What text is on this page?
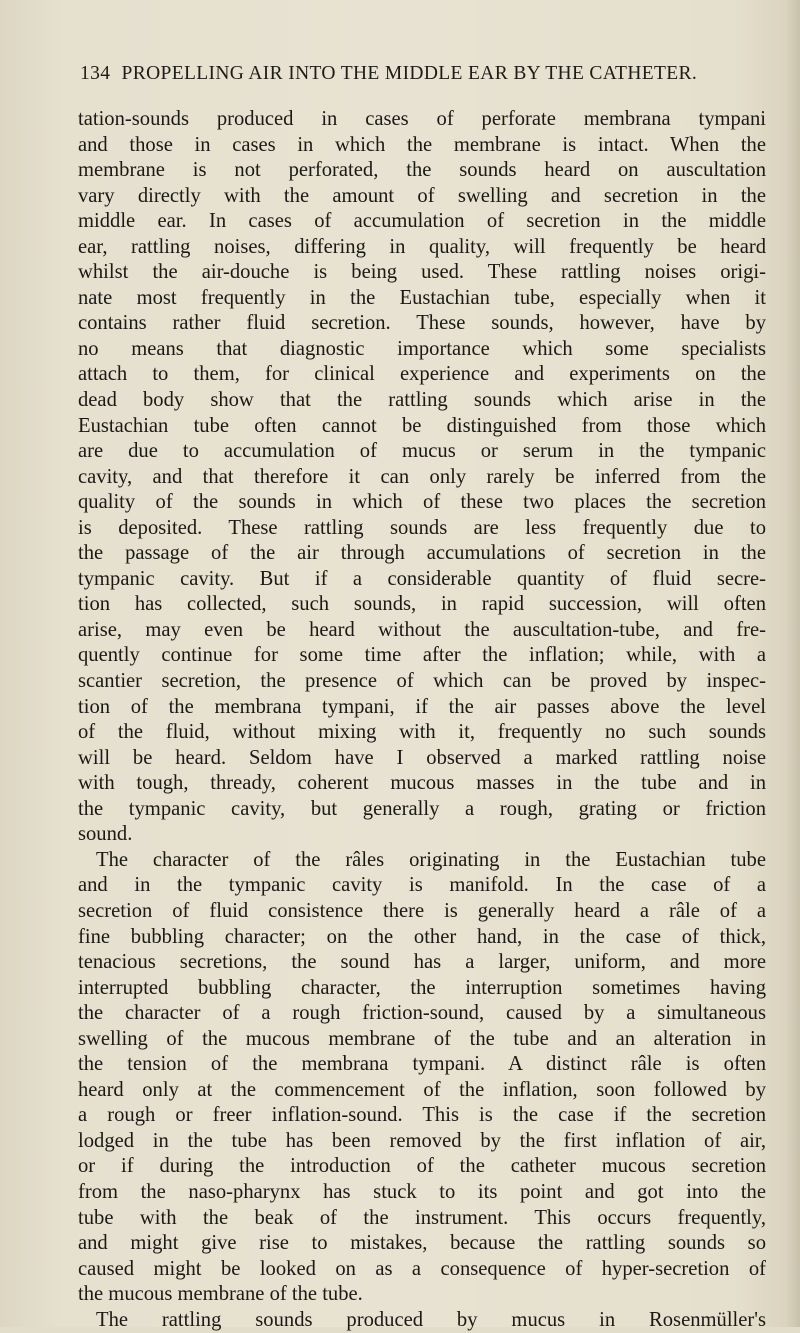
134 PROPELLING AIR INTO THE MIDDLE EAR BY THE CATHETER.
tation-sounds produced in cases of perforate membrana tympani
and those in cases in which the membrane is intact. When the
membrane is not perforated, the sounds heard on auscultation
vary directly with the amount of swelling and secretion in the
middle ear. In cases of accumulation of secretion in the middle
ear, rattling noises, differing in quality, will frequently be heard
whilst the air-douche is being used. These rattling noises origi-
nate most frequently in the Eustachian tube, especially when it
contains rather fluid secretion. These sounds, however, have by
no means that diagnostic importance which some specialists
attach to them, for clinical experience and experiments on the
dead body show that the rattling sounds which arise in the
Eustachian tube often cannot be distinguished from those which
are due to accumulation of mucus or serum in the tympanic
cavity, and that therefore it can only rarely be inferred from the
quality of the sounds in which of these two places the secretion
is deposited. These rattling sounds are less frequently due to
the passage of the air through accumulations of secretion in the
tympanic cavity. But if a considerable quantity of fluid secre-
tion has collected, such sounds, in rapid succession, will often
arise, may even be heard without the auscultation-tube, and fre-
quently continue for some time after the inflation; while, with a
scantier secretion, the presence of which can be proved by inspec-
tion of the membrana tympani, if the air passes above the level
of the fluid, without mixing with it, frequently no such sounds
will be heard. Seldom have I observed a marked rattling noise
with tough, thready, coherent mucous masses in the tube and in
the tympanic cavity, but generally a rough, grating or friction
sound.
The character of the râles originating in the Eustachian tube
and in the tympanic cavity is manifold. In the case of a
secretion of fluid consistence there is generally heard a râle of a
fine bubbling character; on the other hand, in the case of thick,
tenacious secretions, the sound has a larger, uniform, and more
interrupted bubbling character, the interruption sometimes having
the character of a rough friction-sound, caused by a simultaneous
swelling of the mucous membrane of the tube and an alteration in
the tension of the membrana tympani. A distinct râle is often
heard only at the commencement of the inflation, soon followed by
a rough or freer inflation-sound. This is the case if the secretion
lodged in the tube has been removed by the first inflation of air,
or if during the introduction of the catheter mucous secretion
from the naso-pharynx has stuck to its point and got into the
tube with the beak of the instrument. This occurs frequently,
and might give rise to mistakes, because the rattling sounds so
caused might be looked on as a consequence of hyper-secretion of
the mucous membrane of the tube.
The rattling sounds produced by mucus in Rosenmüller's
